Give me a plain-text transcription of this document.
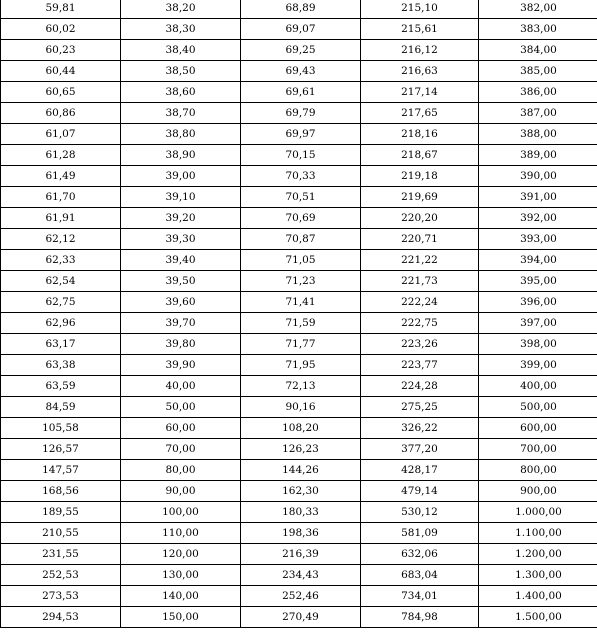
59,81	38,20	68,89	215,10	382,00
60,02	38,30	69,07	215,61	383,00
60,23	38,40	69,25	216,12	384,00
60,44	38,50	69,43	216,63	385,00
60,65	38,60	69,61	217,14	386,00
60,86	38,70	69,79	217,65	387,00
61,07	38,80	69,97	218,16	388,00
61,28	38,90	70,15	218,67	389,00
61,49	39,00	70,33	219,18	390,00
61,70	39,10	70,51	219,69	391,00
61,91	39,20	70,69	220,20	392,00
62,12	39,30	70,87	220,71	393,00
62,33	39,40	71,05	221,22	394,00
62,54	39,50	71,23	221,73	395,00
62,75	39,60	71,41	222,24	396,00
62,96	39,70	71,59	222,75	397,00
63,17	39,80	71,77	223,26	398,00
63,38	39,90	71,95	223,77	399,00
63,59	40,00	72,13	224,28	400,00
84,59	50,00	90,16	275,25	500,00
105,58	60,00	108,20	326,22	600,00
126,57	70,00	126,23	377,20	700,00
147,57	80,00	144,26	428,17	800,00
168,56	90,00	162,30	479,14	900,00
189,55	100,00	180,33	530,12	1.000,00
210,55	110,00	198,36	581,09	1.100,00
231,55	120,00	216,39	632,06	1.200,00
252,53	130,00	234,43	683,04	1.300,00
273,53	140,00	252,46	734,01	1.400,00
294,53	150,00	270,49	784,98	1.500,00
